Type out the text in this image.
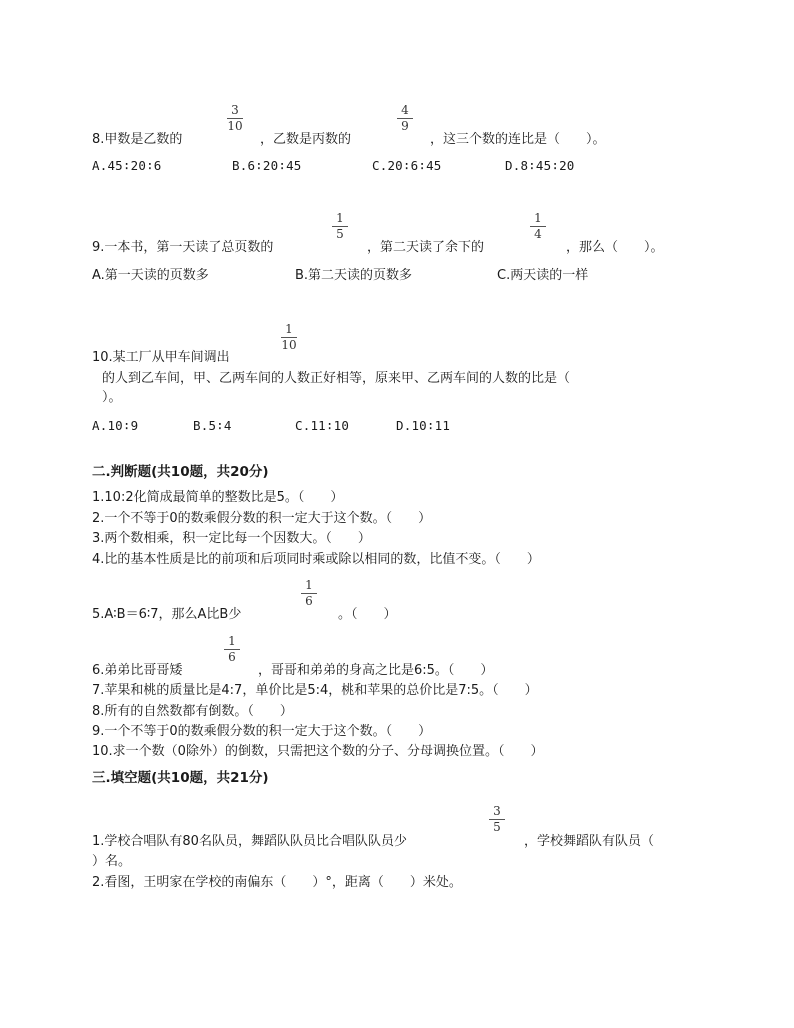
8.甲数是乙数的
3
10
，乙数是丙数的
4
9
，这三个数的连比是（　　）。
A.45∶20∶6	B.6∶20∶45	C.20∶6∶45	D.8∶45∶20
9.一本书，第一天读了总页数的
1
5
，第二天读了余下的
1
4
，那么（　　）。
A.第一天读的页数多	B.第二天读的页数多	C.两天读的一样
10.某工厂从甲车间调出
1
10
的人到乙车间，甲、乙两车间的人数正好相等，原来甲、乙两车间的人数的比是（
）。
A.10∶9	B.5∶4	C.11∶10	D.10∶11
二.判断题(共10题，共20分)
1.10:2化简成最简单的整数比是5。（　　）
2.一个不等于0的数乘假分数的积一定大于这个数。（　　）
3.两个数相乘，积一定比每一个因数大。（　　）
4.比的基本性质是比的前项和后项同时乘或除以相同的数，比值不变。（　　）
5.A∶B＝6∶7，那么A比B少
1
6
。（　　）
6.弟弟比哥哥矮
1
6
，哥哥和弟弟的身高之比是6:5。（　　）
7.苹果和桃的质量比是4:7，单价比是5:4，桃和苹果的总价比是7:5。（　　）
8.所有的自然数都有倒数。（　　）
9.一个不等于0的数乘假分数的积一定大于这个数。（　　）
10.求一个数（0除外）的倒数，只需把这个数的分子、分母调换位置。（　　）
三.填空题(共10题，共21分)
1.学校合唱队有80名队员，舞蹈队队员比合唱队队员少
3
5
，学校舞蹈队有队员（
）名。
2.看图，王明家在学校的南偏东（　　）°，距离（　　）米处。
